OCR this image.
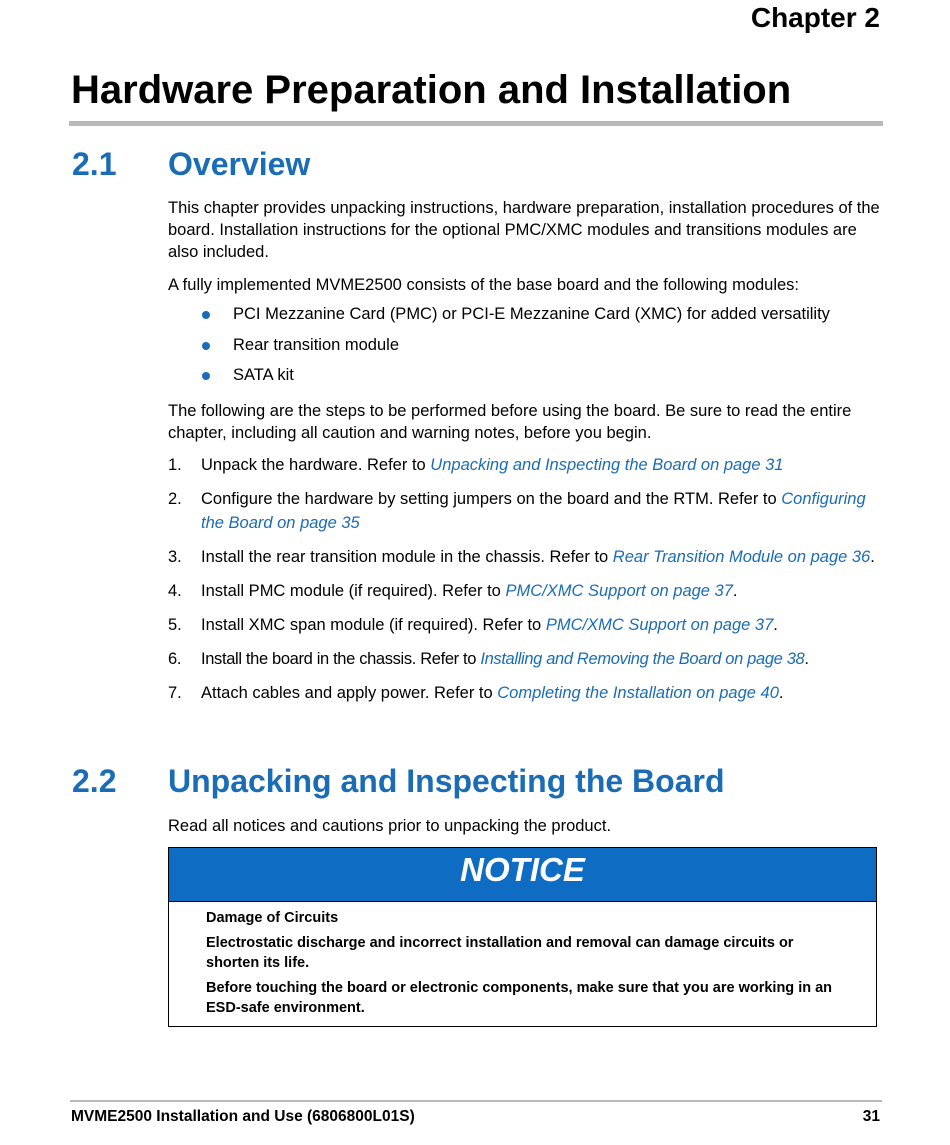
Chapter 2
Hardware Preparation and Installation
2.1 Overview
This chapter provides unpacking instructions, hardware preparation, installation procedures of the board. Installation instructions for the optional PMC/XMC modules and transitions modules are also included.
A fully implemented MVME2500 consists of the base board and the following modules:
PCI Mezzanine Card (PMC) or PCI-E Mezzanine Card (XMC) for added versatility
Rear transition module
SATA kit
The following are the steps to be performed before using the board. Be sure to read the entire chapter, including all caution and warning notes, before you begin.
1. Unpack the hardware. Refer to Unpacking and Inspecting the Board on page 31
2. Configure the hardware by setting jumpers on the board and the RTM. Refer to Configuring the Board on page 35
3. Install the rear transition module in the chassis. Refer to Rear Transition Module on page 36.
4. Install PMC module (if required). Refer to PMC/XMC Support on page 37.
5. Install XMC span module (if required). Refer to PMC/XMC Support on page 37.
6. Install the board in the chassis. Refer to Installing and Removing the Board on page 38.
7. Attach cables and apply power. Refer to Completing the Installation on page 40.
2.2 Unpacking and Inspecting the Board
Read all notices and cautions prior to unpacking the product.
NOTICE

Damage of Circuits

Electrostatic discharge and incorrect installation and removal can damage circuits or shorten its life.

Before touching the board or electronic components, make sure that you are working in an ESD-safe environment.

MVME2500 Installation and Use (6806800L01S)	31
